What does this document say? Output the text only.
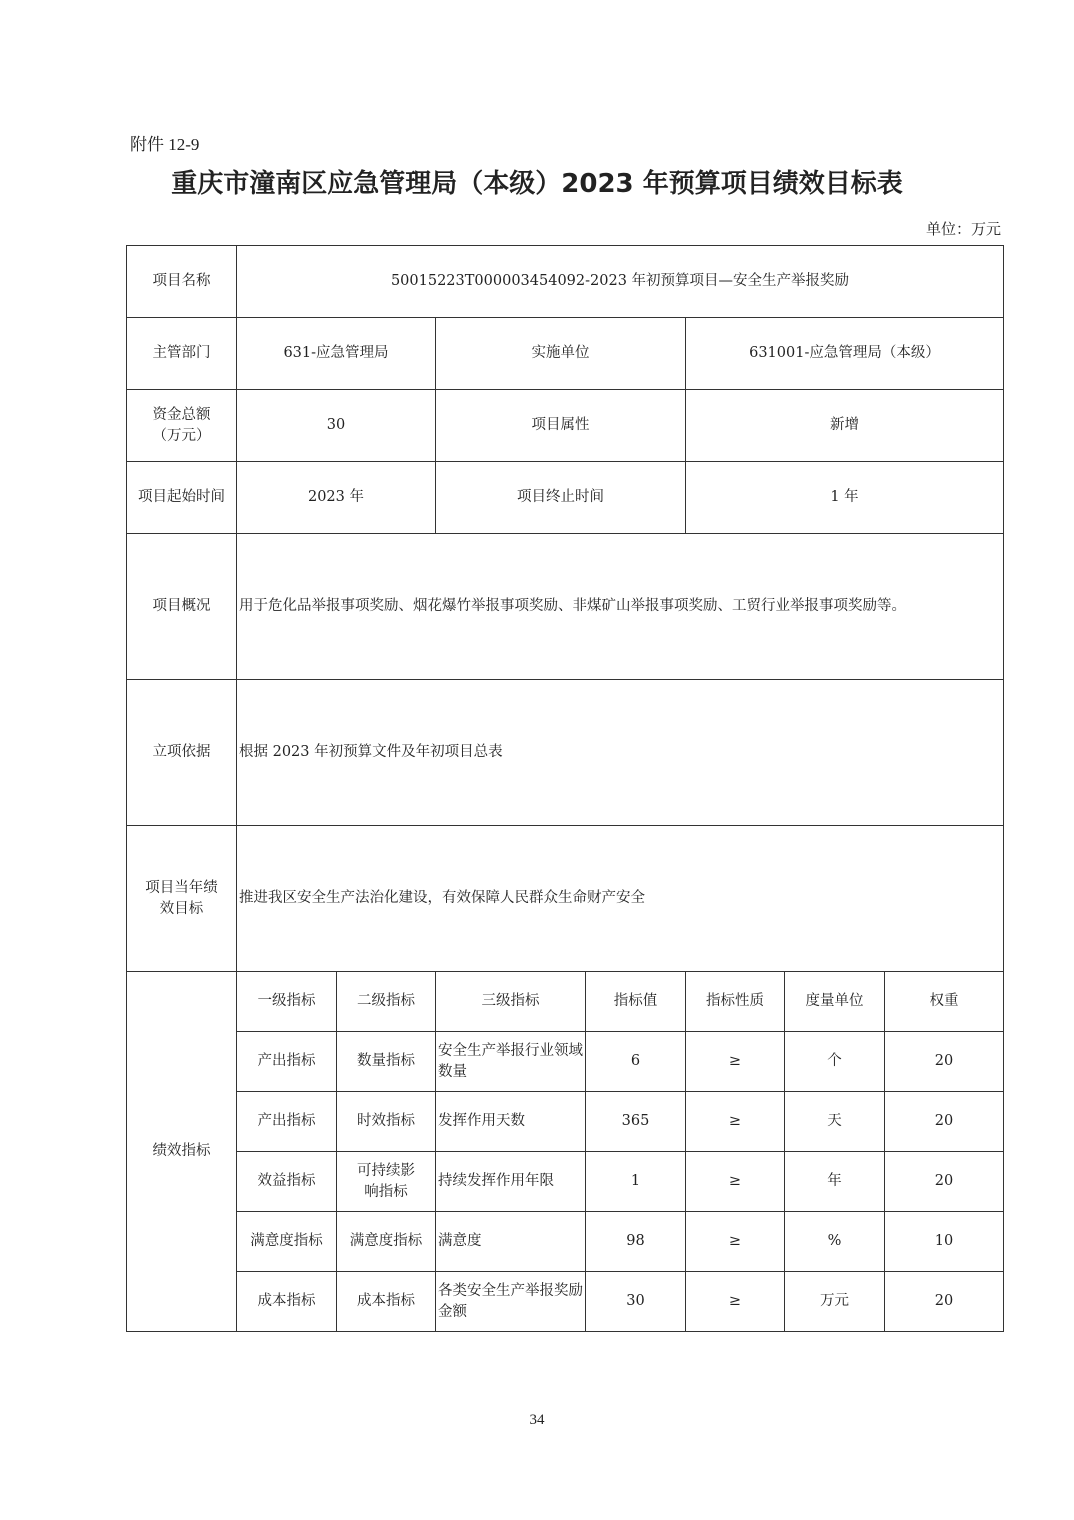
附件 12-9
重庆市潼南区应急管理局（本级）2023 年预算项目绩效目标表
单位：万元
项目名称	50015223T000003454092-2023 年初预算项目—安全生产举报奖励						
主管部门	631-应急管理局		实施单位		631001-应急管理局（本级）		
资金总额（万元）	30		项目属性		新增		
项目起始时间	2023 年		项目终止时间		1 年		
项目概况	用于危化品举报事项奖励、烟花爆竹举报事项奖励、非煤矿山举报事项奖励、工贸行业举报事项奖励等。						
立项依据	根据 2023 年初预算文件及年初项目总表						
项目当年绩效目标	推进我区安全生产法治化建设，有效保障人民群众生命财产安全						
绩效指标	一级指标	二级指标	三级指标	指标值	指标性质	度量单位	权重
	产出指标	数量指标	安全生产举报行业领域数量	6	≥	个	20
	产出指标	时效指标	发挥作用天数	365	≥	天	20
	效益指标	可持续影响指标	持续发挥作用年限	1	≥	年	20
	满意度指标	满意度指标	满意度	98	≥	%	10
	成本指标	成本指标	各类安全生产举报奖励金额	30	≥	万元	20
34
